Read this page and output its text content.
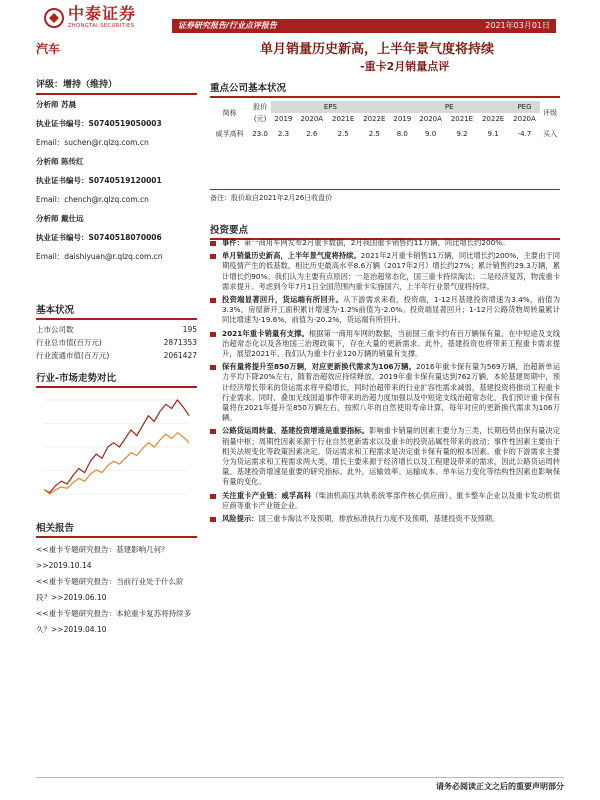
中泰证券
ZHONGTAI SECURITIES	证券研究报告/行业点评报告	2021年03月01日
汽车	单月销量历史新高，上半年景气度将持续
-重卡2月销量点评
评级：增持（维持）
分析师 苏晨
执业证书编号：S0740519050003
Email：suchen@r.qlzq.com.cn
分析师 陈传红
执业证书编号：S0740519120001
Email：chench@r.qlzq.com.cn
分析师 戴仕远
执业证书编号：S0740518070006
Email：daishiyuan@r.qlzq.com.cn
基本状况
上市公司数	195
行业总市值(百万元)	2871353
行业流通市值(百万元)	2061427
行业-市场走势对比
相关报告
<<重卡专题研究报告：基建影响几何？>>2019.10.14
<<重卡专题研究报告：当前行业处于什么阶段？>>2019.06.10
<<重卡专题研究报告：本轮重卡复苏将持续多久？>>2019.04.10
重点公司基本状况
简称	股价	EPS				PE				PEG	评级
	(元)	2019	2020A	2021E	2022E	2019	2020A	2021E	2022E	2020A	
威孚高科	23.0	2.3	2.6	2.5	2.5	8.0	9.0	9.2	9.1	-4.7	买入
备注：股价取自2021年2月26日收盘价
投资要点
事件：第一商用车网发布2月重卡数据，2月我国重卡销售约11万辆，同比增长约200%。
单月销量历史新高，上半年景气度将持续。2021年2月重卡销售11万辆，同比增长约200%，主要由于同期疫情产生的低基数，相比历史最高水平8.6万辆（2017年2月）增长约27%；累计销售约29.3万辆，累计增长约90%。我们认为主要有点原因：一是治超常态化，国三重卡持续淘汰；二是经济复苏，物流重卡需求提升。考虑到今年7月1日全国范围内重卡实施国六，上半年行业景气度将持续。
投资端显著回升，货运端有所回升。从下游需求来看，投资端，1-12月基建投资增速为3.4%，前值为3.3%，房屋新开工面积累计增速为-1.2%前值为-2.0%。投资端显著回升；1-12月公路货物周转量累计同比增速为-19.6%，前值为-20.2%，货运端有所回升。
2021年重卡销量有支撑。根据第一商用车网的数据，当前国三重卡约有百万辆保有量，在中短途及支线治超常态化以及各地国三治理政策下，存在大量的更新需求。此外，基建投资也将带来工程重卡需求提升，展望2021年，我们认为重卡行业120万辆的销量有支撑。
保有量将提升至850万辆，对应更新换代需求为106万辆。2016年重卡保有量为569万辆，治超新单运力平均下降20%左右，随着治超效应持续释放，2019年重卡保有量达到762万辆，本轮基建周期中，预计经济增长带来的货运需求将平稳增长，同时治超带来的行业扩容性需求减弱，基建投资将推动工程重卡行业需求。同时，叠加无线国道事件带来的治超力度加强以及中短途支线治超常态化，我们预计重卡保有量将在2021年提升至850万辆左右，按照八年的自然使用寿命计算，每年对应的更新换代需求为106万辆。
公路货运周转量、基建投资增速是重要指标。影响重卡销量的因素主要分为三类，长期趋势由保有量决定销量中枢；周期性因素来源于行业自然更新需求以及重卡的投资品属性带来的波动；事件性因素主要由于相关法规变化等政策因素决定。货运需求和工程需求是决定重卡保有量的根本因素。重卡的下游需求主要分为货运需求和工程需求两大类，增长主要来源于经济增长以及工程建设带来的需求，因此公路货运周转量、基建投资增速是重要的研究指标。此外，运输效率、运输成本、单车运力变化等结构性因素也影响保有量的变化。
关注重卡产业链：威孚高科（柴油机高压共轨系统零部件核心供应商）、重卡整车企业以及重卡发动机供应商等重卡产业链企业。
风险提示：国三重卡淘汰不及预期，排放标准执行力度不及预期，基建投资不及预期。
请务必阅读正文之后的重要声明部分
